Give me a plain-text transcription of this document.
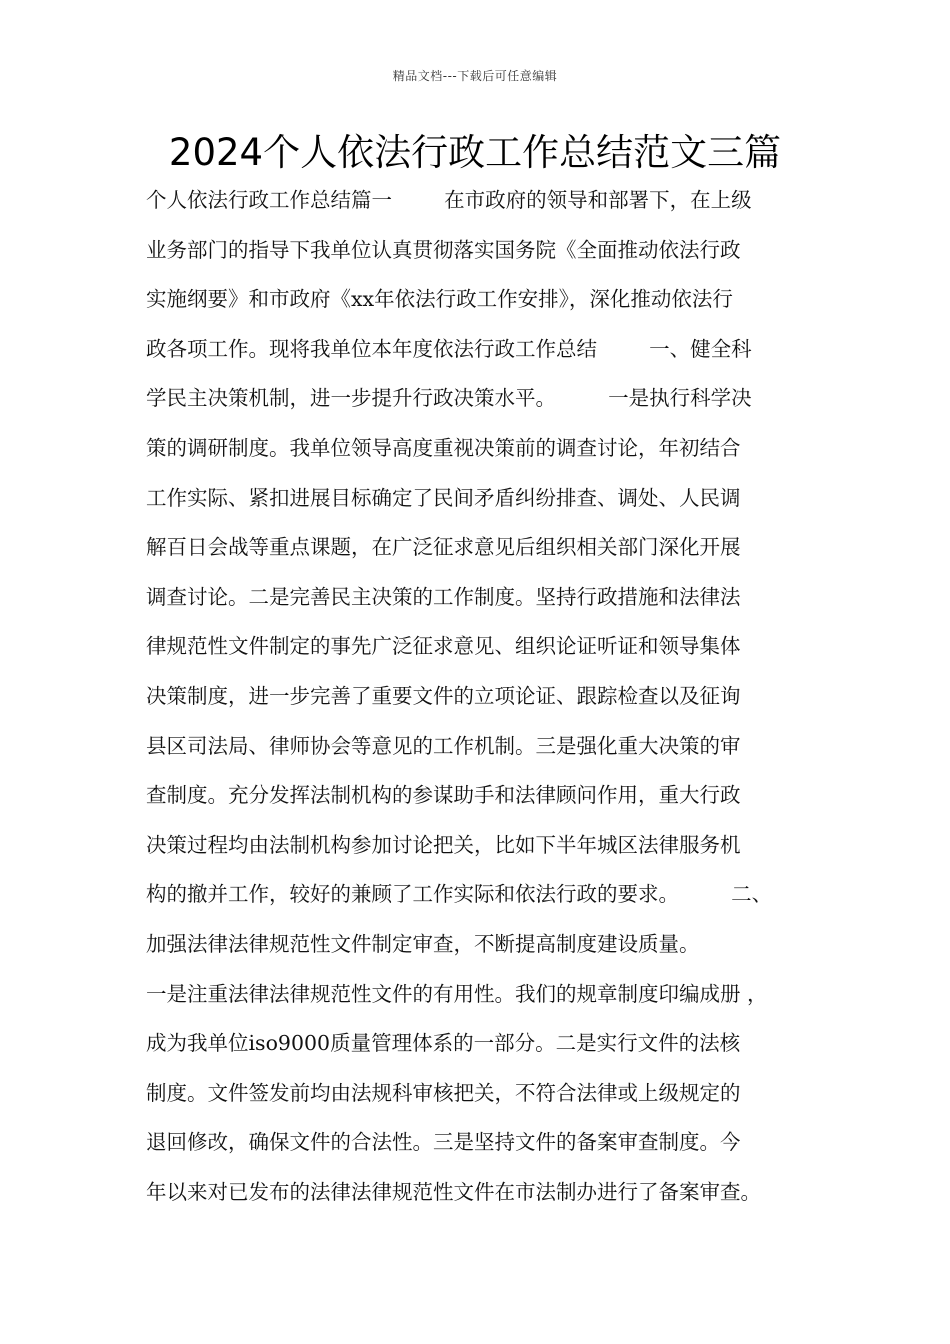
精品文档---下载后可任意编辑
2024个人依法行政工作总结范文三篇
个人依法行政工作总结篇一        在市政府的领导和部署下，在上级
业务部门的指导下我单位认真贯彻落实国务院《全面推动依法行政
实施纲要》和市政府《xx年依法行政工作安排》，深化推动依法行
政各项工作。现将我单位本年度依法行政工作总结        一、健全科
学民主决策机制，进一步提升行政决策水平。        一是执行科学决
策的调研制度。我单位领导高度重视决策前的调查讨论，年初结合
工作实际、紧扣进展目标确定了民间矛盾纠纷排查、调处、人民调
解百日会战等重点课题，在广泛征求意见后组织相关部门深化开展
调查讨论。二是完善民主决策的工作制度。坚持行政措施和法律法
律规范性文件制定的事先广泛征求意见、组织论证听证和领导集体
决策制度，进一步完善了重要文件的立项论证、跟踪检查以及征询
县区司法局、律师协会等意见的工作机制。三是强化重大决策的审
查制度。充分发挥法制机构的参谋助手和法律顾问作用，重大行政
决策过程均由法制机构参加讨论把关，比如下半年城区法律服务机
构的撤并工作，较好的兼顾了工作实际和依法行政的要求。        二、
加强法律法律规范性文件制定审查，不断提高制度建设质量。
一是注重法律法律规范性文件的有用性。我们的规章制度印编成册 ，
成为我单位iso9000质量管理体系的一部分。二是实行文件的法核
制度。文件签发前均由法规科审核把关，不符合法律或上级规定的
退回修改，确保文件的合法性。三是坚持文件的备案审查制度。今
年以来对已发布的法律法律规范性文件在市法制办进行了备案审查。
